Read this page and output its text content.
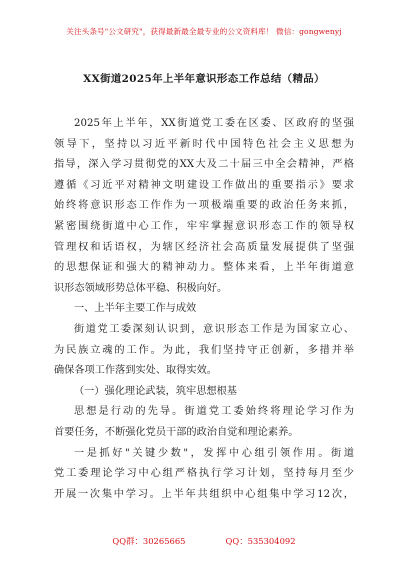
关注头条号"公文研究"，获得最新最全最专业的公文资料库！ 微信：gongwenyj
XX街道2025年上半年意识形态工作总结（精品）
2025年上半年，XX街道党工委在区委、区政府的坚强
领导下，坚持以习近平新时代中国特色社会主义思想为
指导，深入学习贯彻党的XX大及二十届三中全会精神，严格
遵循《习近平对精神文明建设工作做出的重要指示》要求
始终将意识形态工作作为一项极端重要的政治任务来抓，
紧密围绕街道中心工作，牢牢掌握意识形态工作的领导权
管理权和话语权，为辖区经济社会高质量发展提供了坚强
的思想保证和强大的精神动力。整体来看，上半年街道意
识形态领域形势总体平稳、积极向好。
一、上半年主要工作与成效
街道党工委深刻认识到，意识形态工作是为国家立心、
为民族立魂的工作。为此，我们坚持守正创新，多措并举
确保各项工作落到实处、取得实效。
（一）强化理论武装，筑牢思想根基
思想是行动的先导。街道党工委始终将理论学习作为
首要任务，不断强化党员干部的政治自觉和理论素养。
一是抓好"关键少数"，发挥中心组引领作用。街道
党工委理论学习中心组严格执行学习计划，坚持每月至少
开展一次集中学习。上半年共组织中心组集中学习12次，
QQ群：30265665	QQ：535304092
